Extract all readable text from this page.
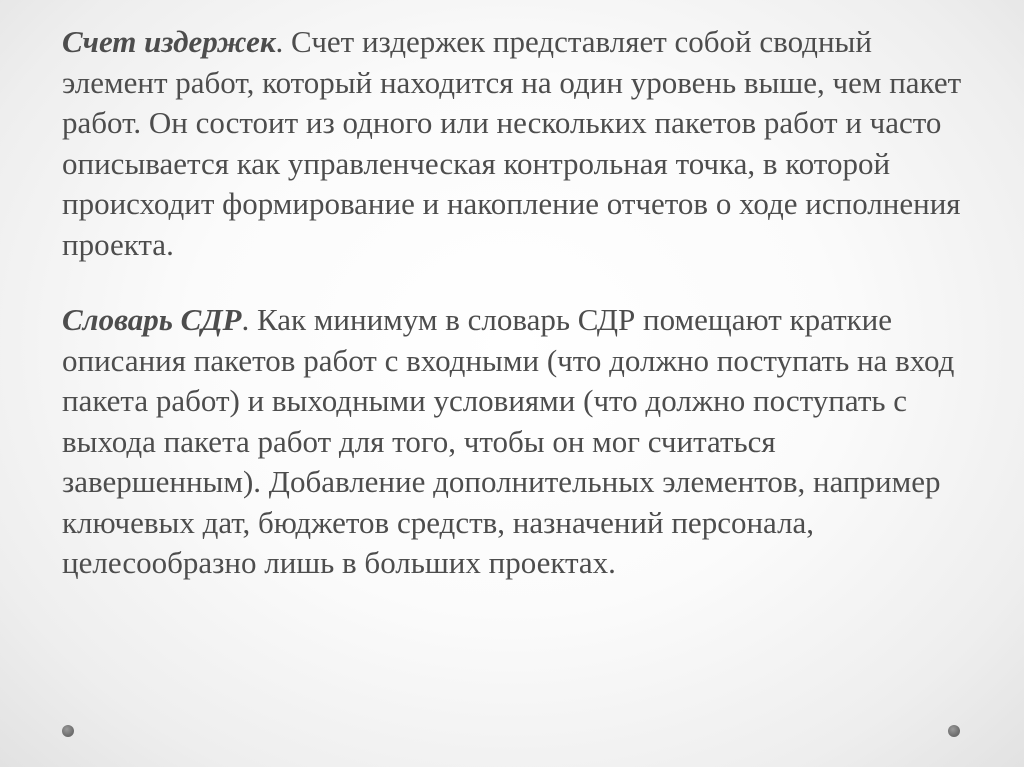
Счет издержек. Счет издержек представляет собой сводный элемент работ, который находится на один уровень выше, чем пакет работ. Он состоит из одного или нескольких пакетов работ и часто описывается как управленческая контрольная точка, в которой происходит формирование и накопление отчетов о ходе исполнения проекта.

Словарь СДР. Как минимум в словарь СДР помещают краткие описания пакетов работ с входными (что должно поступать на вход пакета работ) и выходными условиями (что должно поступать с выхода пакета работ для того, чтобы он мог считаться завершенным). Добавление дополнительных элементов, например ключевых дат, бюджетов средств, назначений персонала, целесообразно лишь в больших проектах.
